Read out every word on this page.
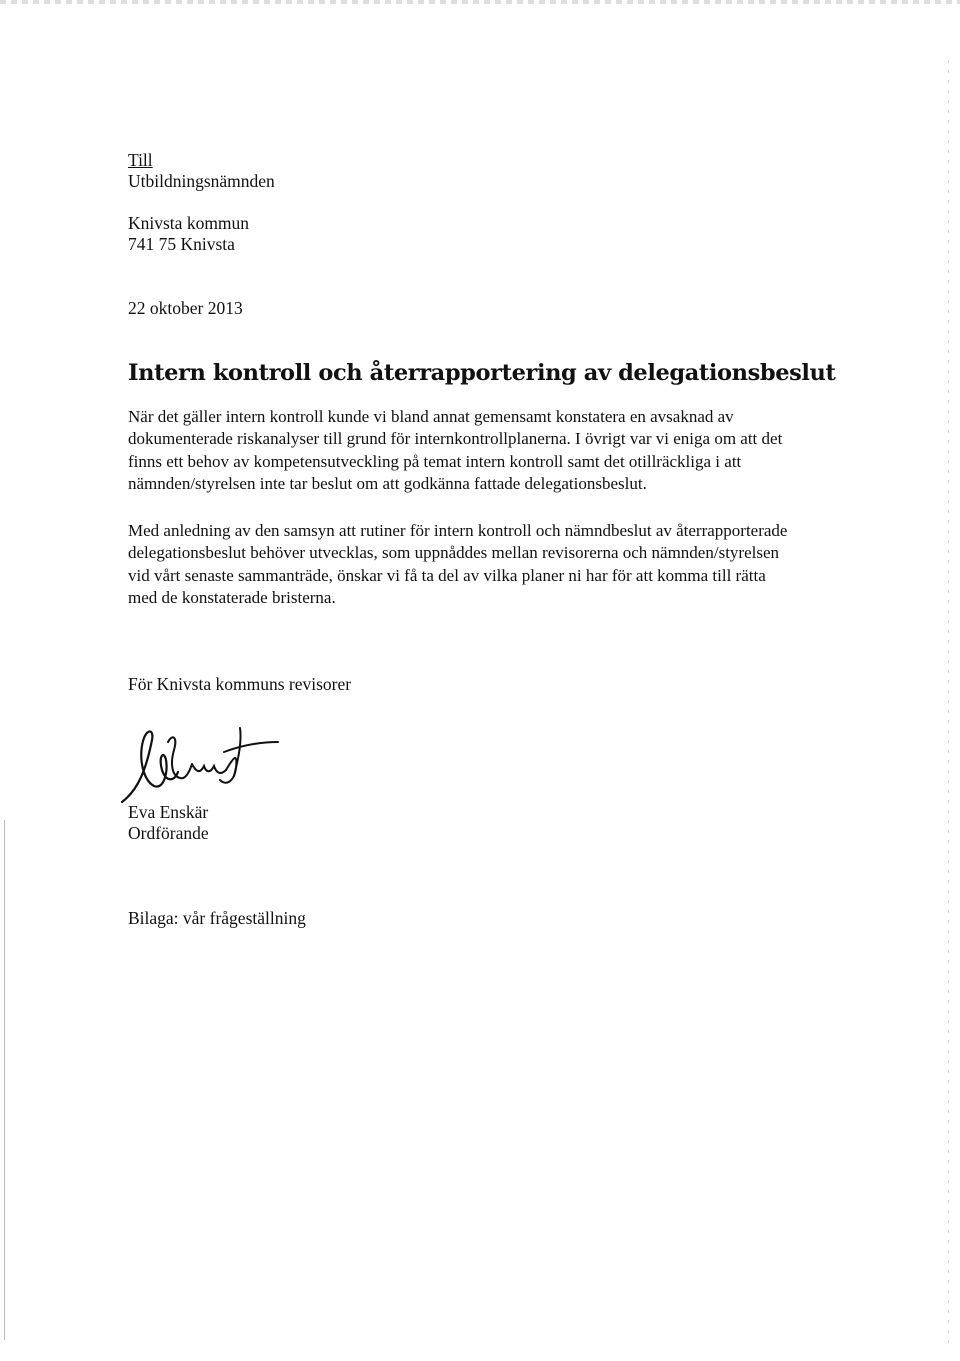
Till
Utbildningsnämnden
Knivsta kommun
741 75 Knivsta
22 oktober 2013
Intern kontroll och återrapportering av delegationsbeslut
När det gäller intern kontroll kunde vi bland annat gemensamt konstatera en avsaknad av
dokumenterade riskanalyser till grund för internkontrollplanerna. I övrigt var vi eniga om att det
finns ett behov av kompetensutveckling på temat intern kontroll samt det otillräckliga i att
nämnden/styrelsen inte tar beslut om att godkänna fattade delegationsbeslut.
Med anledning av den samsyn att rutiner för intern kontroll och nämndbeslut av återrapporterade
delegationsbeslut behöver utvecklas, som uppnåddes mellan revisorerna och nämnden/styrelsen
vid vårt senaste sammanträde, önskar vi få ta del av vilka planer ni har för att komma till rätta
med de konstaterade bristerna.
För Knivsta kommuns revisorer
Eva Enskär
Ordförande
Bilaga: vår frågeställning
